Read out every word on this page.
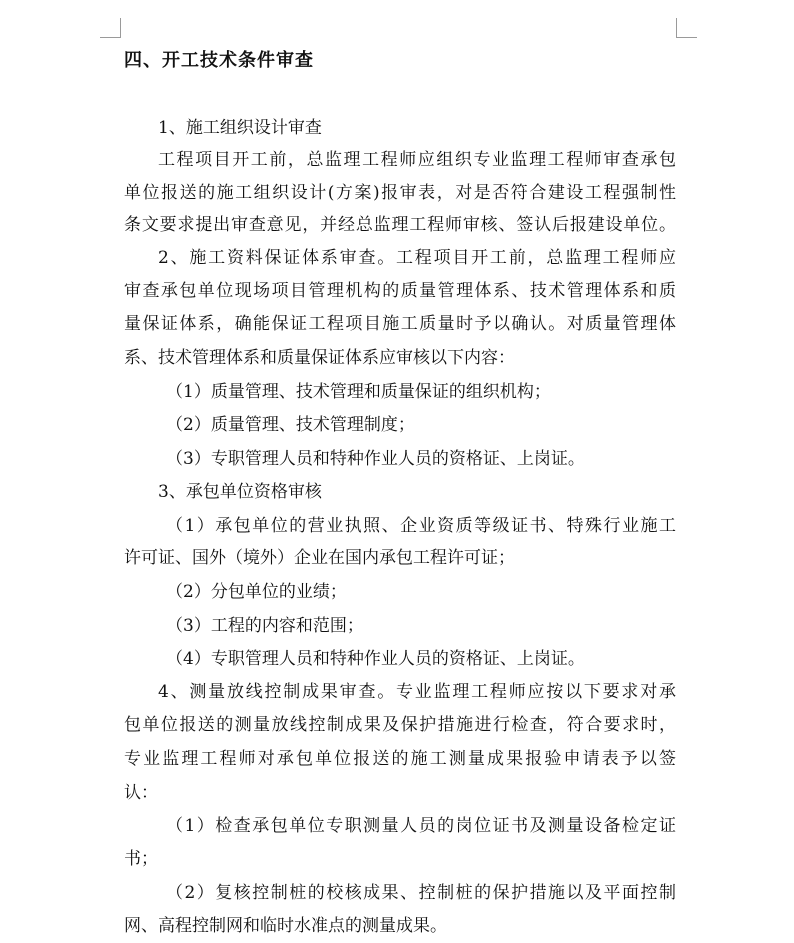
四、开工技术条件审查
1、施工组织设计审查
工程项目开工前，总监理工程师应组织专业监理工程师审查承包
单位报送的施工组织设计(方案)报审表，对是否符合建设工程强制性
条文要求提出审查意见，并经总监理工程师审核、签认后报建设单位。
2、施工资料保证体系审查。工程项目开工前，总监理工程师应
审查承包单位现场项目管理机构的质量管理体系、技术管理体系和质
量保证体系，确能保证工程项目施工质量时予以确认。对质量管理体
系、技术管理体系和质量保证体系应审核以下内容：
（1）质量管理、技术管理和质量保证的组织机构；
（2）质量管理、技术管理制度；
（3）专职管理人员和特种作业人员的资格证、上岗证。
3、承包单位资格审核
（1）承包单位的营业执照、企业资质等级证书、特殊行业施工
许可证、国外（境外）企业在国内承包工程许可证；
（2）分包单位的业绩；
（3）工程的内容和范围；
（4）专职管理人员和特种作业人员的资格证、上岗证。
4、测量放线控制成果审查。专业监理工程师应按以下要求对承
包单位报送的测量放线控制成果及保护措施进行检查，符合要求时，
专业监理工程师对承包单位报送的施工测量成果报验申请表予以签
认：
（1）检查承包单位专职测量人员的岗位证书及测量设备检定证
书；
（2）复核控制桩的校核成果、控制桩的保护措施以及平面控制
网、高程控制网和临时水准点的测量成果。
